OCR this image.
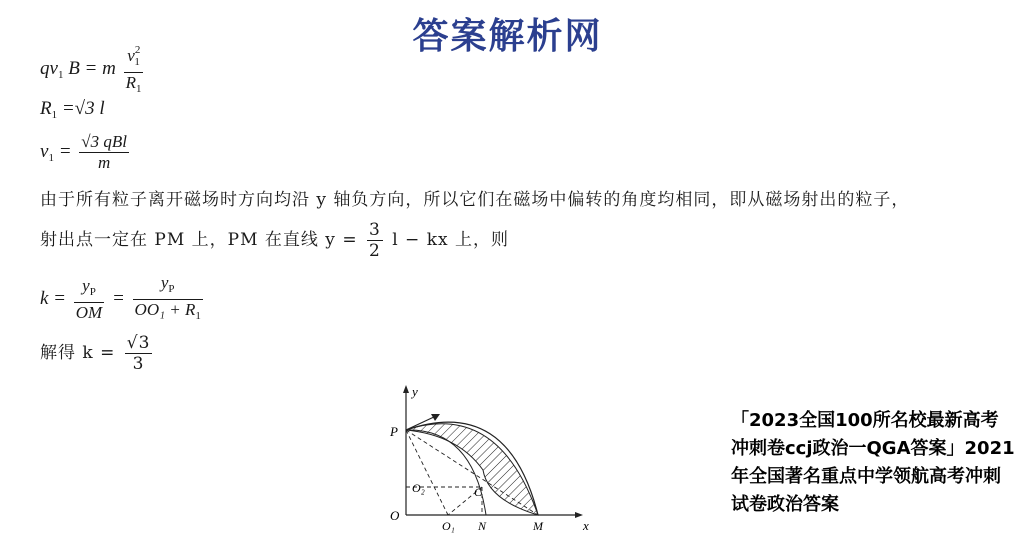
答案解析网
$qv_1$ B = m $\frac{v^2_1}{R_1}$
$R_1 =√3$ l
$v_1 = \frac{\text{√3 qBl}}{m}$
由于所有粒子离开磁场时方向均沿 y 轴负方向，所以它们在磁场中偏转的角度均相同，即从磁场射出的粒子，
射出点一定在 PM 上，PM 在直线 $y = \frac{3}{2}$ l − kx 上，则
$k = \frac{y_P}{OM} = \frac{y_P}{OO_1 + R_1}$
解得 $k = \frac{√3}{3}$
y
x
P
O
O₂	C
O₁ N	M
「2023全国100所名校最新高考冲刺卷ccj政治一QGA答案」2021年全国著名重点中学领航高考冲刺试卷政治答案
